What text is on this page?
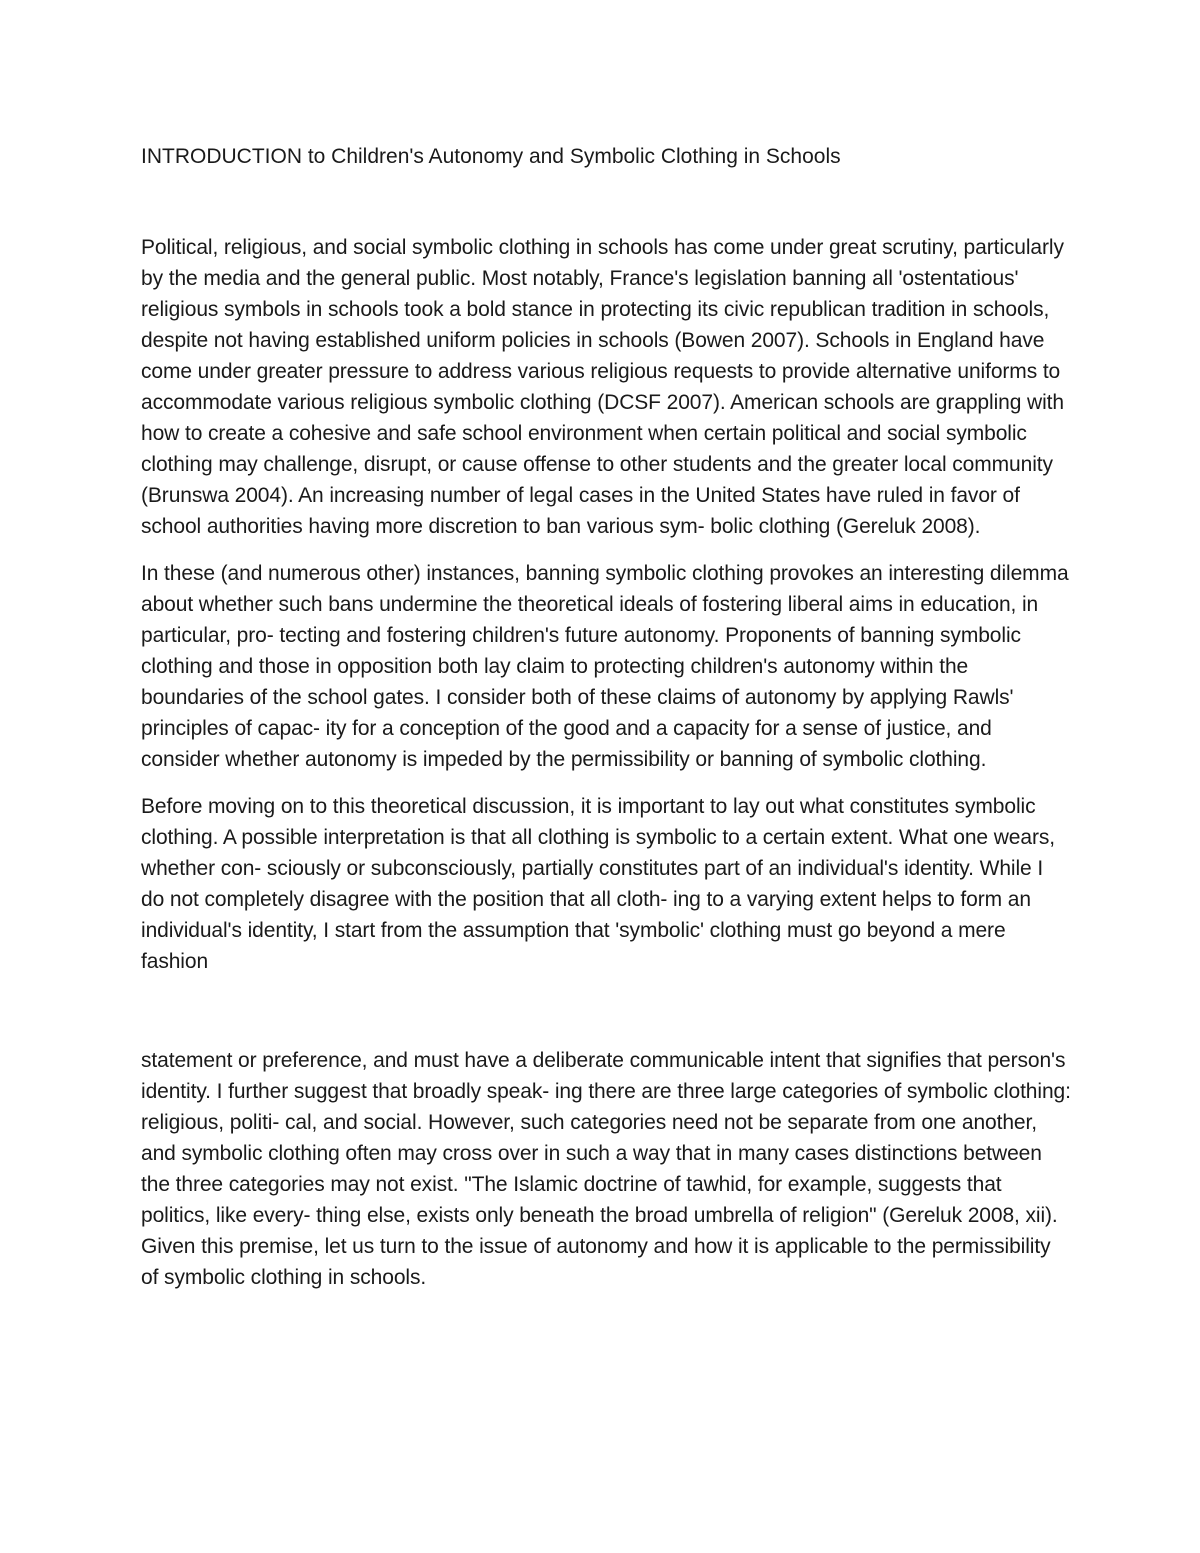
INTRODUCTION to Children's Autonomy and Symbolic Clothing in Schools

Political, religious, and social symbolic clothing in schools has come under great scrutiny, particularly by the media and the general public. Most notably, France's legislation banning all 'ostentatious' religious symbols in schools took a bold stance in protecting its civic republican tradition in schools, despite not having established uniform policies in schools (Bowen 2007). Schools in England have come under greater pressure to address various religious requests to provide alternative uniforms to accommodate various religious symbolic clothing (DCSF 2007). American schools are grappling with how to create a cohesive and safe school environment when certain political and social symbolic clothing may challenge, disrupt, or cause offense to other students and the greater local community (Brunswa 2004). An increasing number of legal cases in the United States have ruled in favor of school authorities having more discretion to ban various sym- bolic clothing (Gereluk 2008).

In these (and numerous other) instances, banning symbolic clothing provokes an interesting dilemma about whether such bans undermine the theoretical ideals of fostering liberal aims in education, in particular, pro- tecting and fostering children's future autonomy. Proponents of banning symbolic clothing and those in opposition both lay claim to protecting children's autonomy within the boundaries of the school gates. I consider both of these claims of autonomy by applying Rawls' principles of capac- ity for a conception of the good and a capacity for a sense of justice, and consider whether autonomy is impeded by the permissibility or banning of symbolic clothing.

Before moving on to this theoretical discussion, it is important to lay out what constitutes symbolic clothing. A possible interpretation is that all clothing is symbolic to a certain extent. What one wears, whether con- sciously or subconsciously, partially constitutes part of an individual's identity. While I do not completely disagree with the position that all cloth- ing to a varying extent helps to form an individual's identity, I start from the assumption that 'symbolic' clothing must go beyond a mere fashion

statement or preference, and must have a deliberate communicable intent that signifies that person's identity. I further suggest that broadly speak- ing there are three large categories of symbolic clothing: religious, politi- cal, and social. However, such categories need not be separate from one another, and symbolic clothing often may cross over in such a way that in many cases distinctions between the three categories may not exist. "The Islamic doctrine of tawhid, for example, suggests that politics, like every- thing else, exists only beneath the broad umbrella of religion" (Gereluk 2008, xii). Given this premise, let us turn to the issue of autonomy and how it is applicable to the permissibility of symbolic clothing in schools.
